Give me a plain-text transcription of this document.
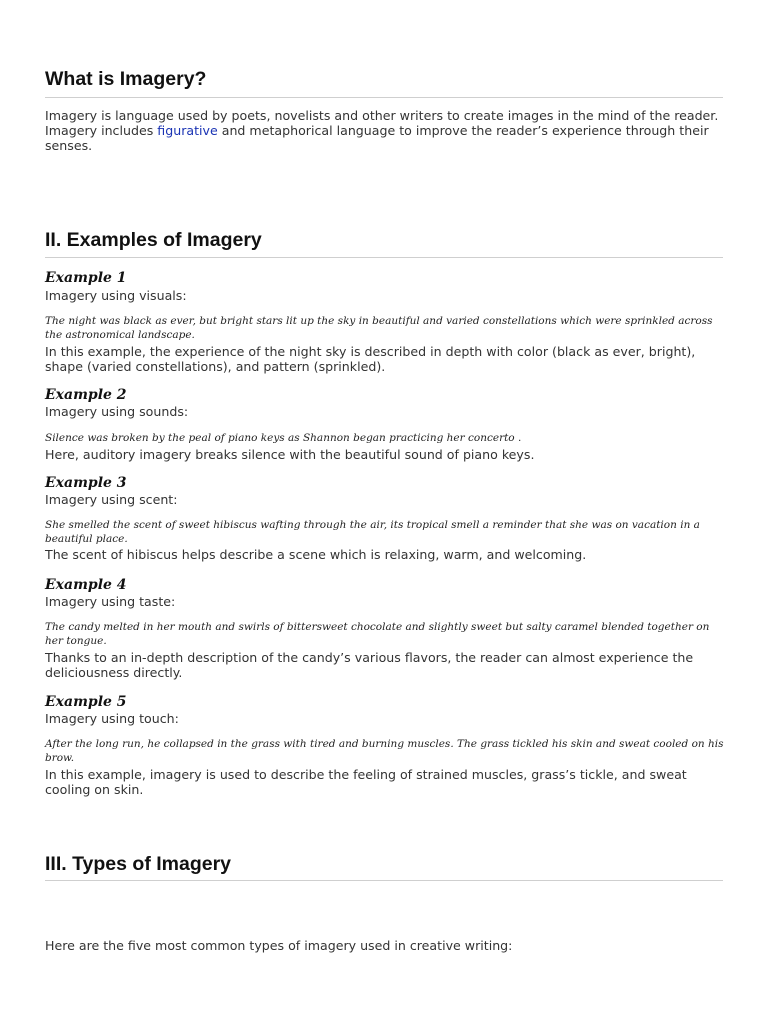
What is Imagery?

Imagery is language used by poets, novelists and other writers to create images in the mind of the reader. Imagery includes figurative and metaphorical language to improve the reader’s experience through their senses.

II. Examples of Imagery
Example 1

Imagery using visuals:

The night was black as ever, but bright stars lit up the sky in beautiful and varied constellations which were sprinkled across the astronomical landscape.

In this example, the experience of the night sky is described in depth with color (black as ever, bright), shape (varied constellations), and pattern (sprinkled).

Example 2

Imagery using sounds:

Silence was broken by the peal of piano keys as Shannon began practicing her concerto .

Here, auditory imagery breaks silence with the beautiful sound of piano keys.

Example 3

Imagery using scent:

She smelled the scent of sweet hibiscus wafting through the air, its tropical smell a reminder that she was on vacation in a beautiful place.

The scent of hibiscus helps describe a scene which is relaxing, warm, and welcoming.

Example 4

Imagery using taste:

The candy melted in her mouth and swirls of bittersweet chocolate and slightly sweet but salty caramel blended together on her tongue.

Thanks to an in-depth description of the candy’s various flavors, the reader can almost experience the deliciousness directly.

Example 5

Imagery using touch:

After the long run, he collapsed in the grass with tired and burning muscles. The grass tickled his skin and sweat cooled on his brow.

In this example, imagery is used to describe the feeling of strained muscles, grass’s tickle, and sweat cooling on skin.

III. Types of Imagery

Here are the five most common types of imagery used in creative writing:
